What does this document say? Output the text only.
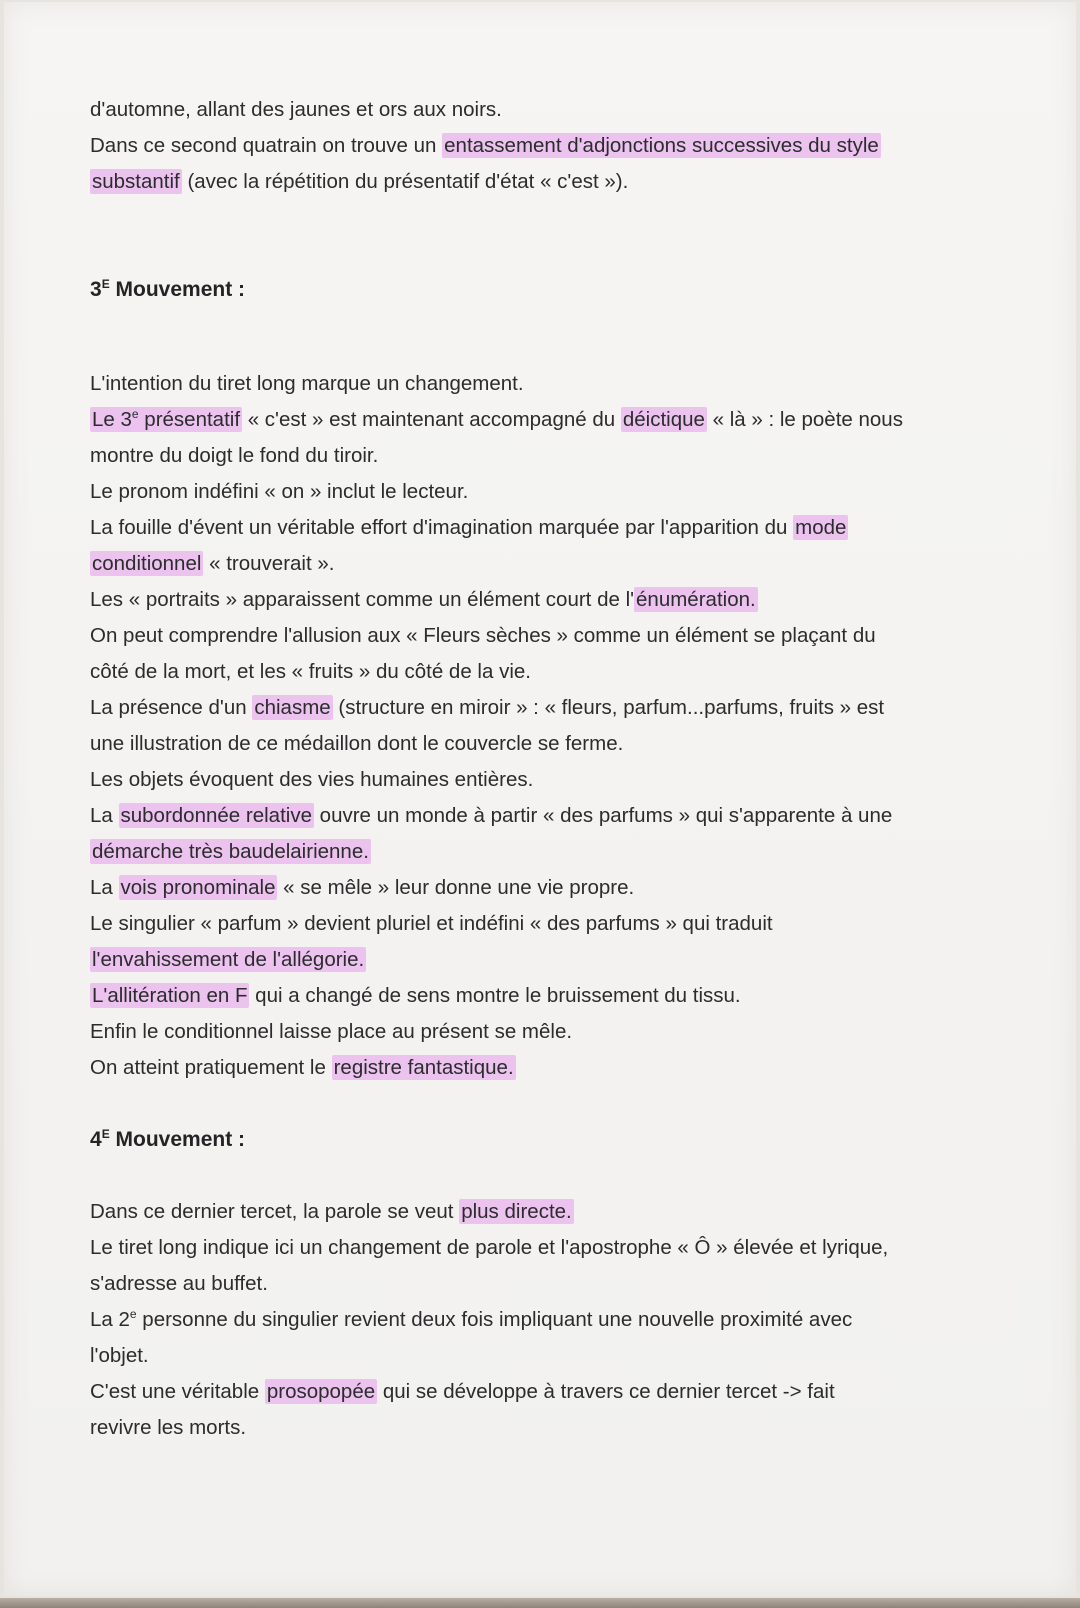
d'automne, allant des jaunes et ors aux noirs.
Dans ce second quatrain on trouve un entassement d'adjonctions successives du style
substantif (avec la répétition du présentatif d'état « c'est »).
$3^E$ Mouvement :
L'intention du tiret long marque un changement.
Le 3e présentatif « c'est » est maintenant accompagné du déictique « là » : le poète nous
montre du doigt le fond du tiroir.
Le pronom indéfini « on » inclut le lecteur.
La fouille d'évent un véritable effort d'imagination marquée par l'apparition du mode
conditionnel « trouverait ».
Les « portraits » apparaissent comme un élément court de l'énumération.
On peut comprendre l'allusion aux « Fleurs sèches » comme un élément se plaçant du
côté de la mort, et les « fruits » du côté de la vie.
La présence d'un chiasme (structure en miroir » : « fleurs, parfum...parfums, fruits » est
une illustration de ce médaillon dont le couvercle se ferme.
Les objets évoquent des vies humaines entières.
La subordonnée relative ouvre un monde à partir « des parfums » qui s'apparente à une
démarche très baudelairienne.
La vois pronominale « se mêle » leur donne une vie propre.
Le singulier « parfum » devient pluriel et indéfini « des parfums » qui traduit
l'envahissement de l'allégorie.
L'allitération en F qui a changé de sens montre le bruissement du tissu.
Enfin le conditionnel laisse place au présent se mêle.
On atteint pratiquement le registre fantastique.
$4^E$ Mouvement :
Dans ce dernier tercet, la parole se veut plus directe.
Le tiret long indique ici un changement de parole et l'apostrophe « Ô » élevée et lyrique,
s'adresse au buffet.
La 2e personne du singulier revient deux fois impliquant une nouvelle proximité avec
l'objet.
C'est une véritable prosopopée qui se développe à travers ce dernier tercet -> fait
revivre les morts.
